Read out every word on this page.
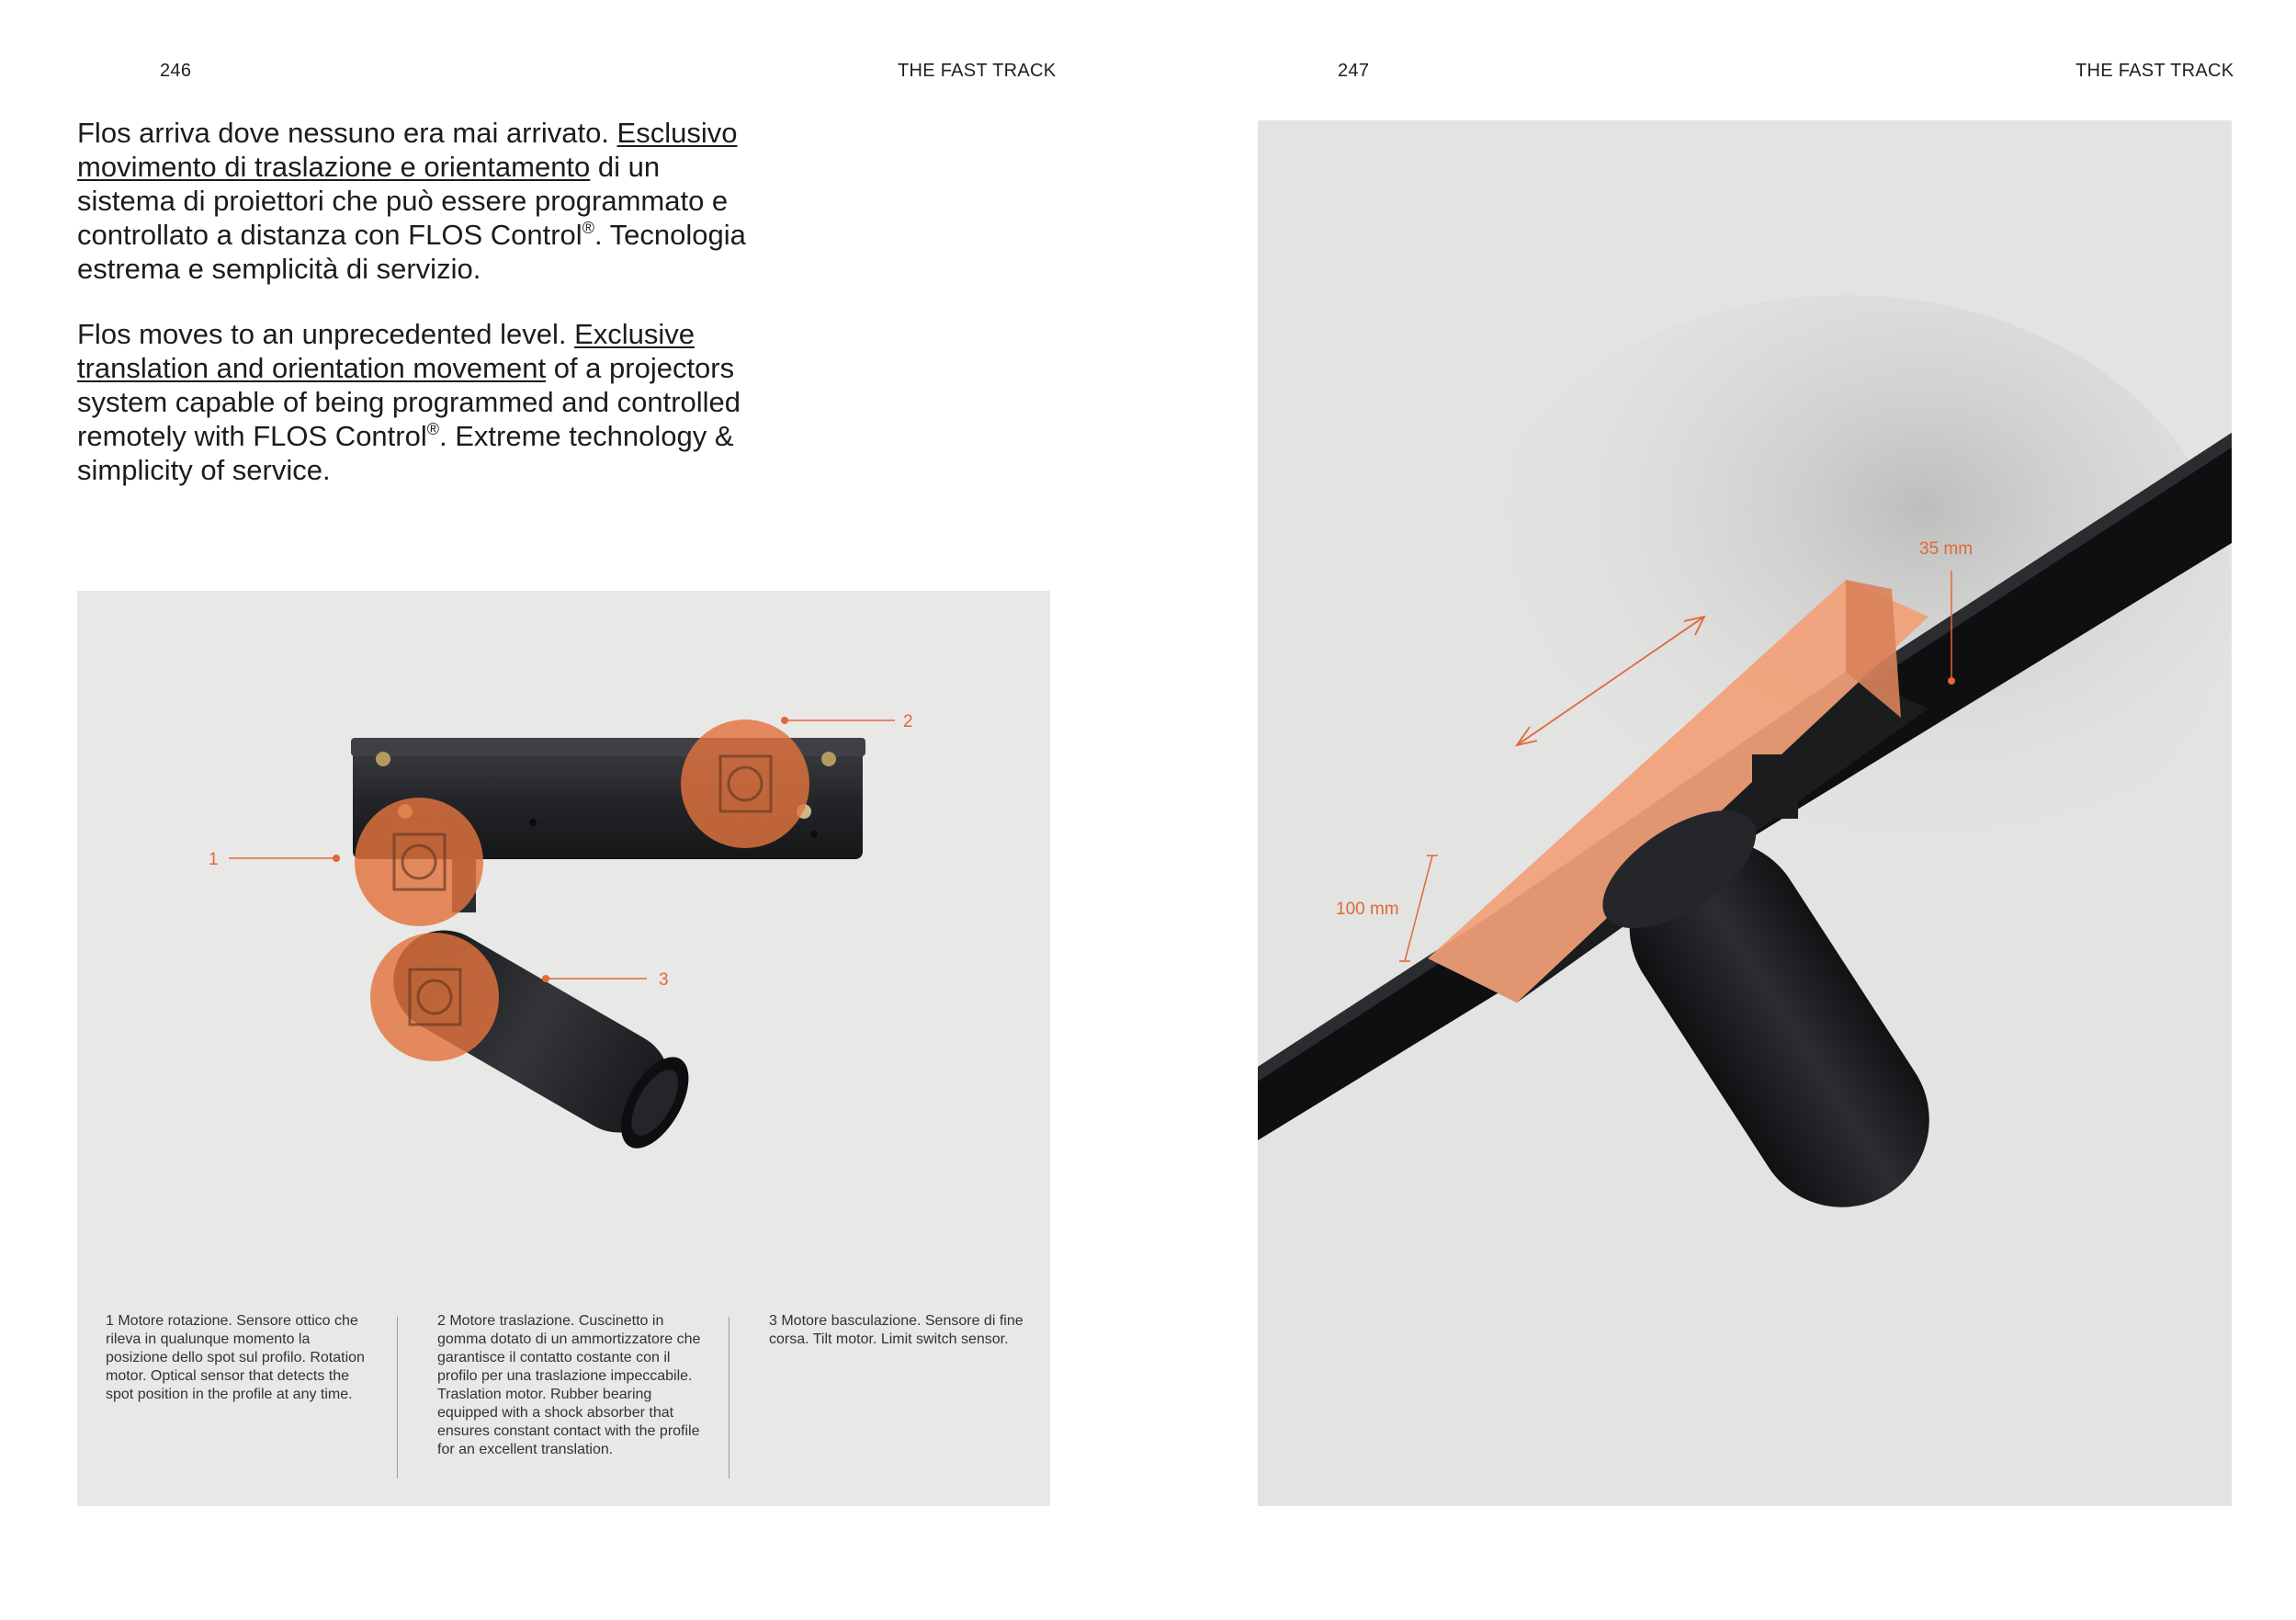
246	THE FAST TRACK	247	THE FAST TRACK

Flos arriva dove nessuno era mai arrivato. Esclusivo movimento di traslazione e orientamento di un sistema di proiettori che può essere programmato e controllato a distanza con FLOS Control®. Tecnologia estrema e semplicità di servizio.

Flos moves to an unprecedented level. Exclusive translation and orientation movement of a projectors system capable of being programmed and controlled remotely with FLOS Control®. Extreme technology & simplicity of service.

1
2
3
1 Motore rotazione. Sensore ottico che rileva in qualunque momento la posizione dello spot sul profilo. Rotation motor. Optical sensor that detects the spot position in the profile at any time.
2 Motore traslazione. Cuscinetto in gomma dotato di un ammortizzatore che garantisce il contatto costante con il profilo per una traslazione impeccabile. Traslation motor. Rubber bearing equipped with a shock absorber that ensures constant contact with the profile for an excellent translation.
3 Motore basculazione. Sensore di fine corsa. Tilt motor. Limit switch sensor.
35 mm
100 mm
